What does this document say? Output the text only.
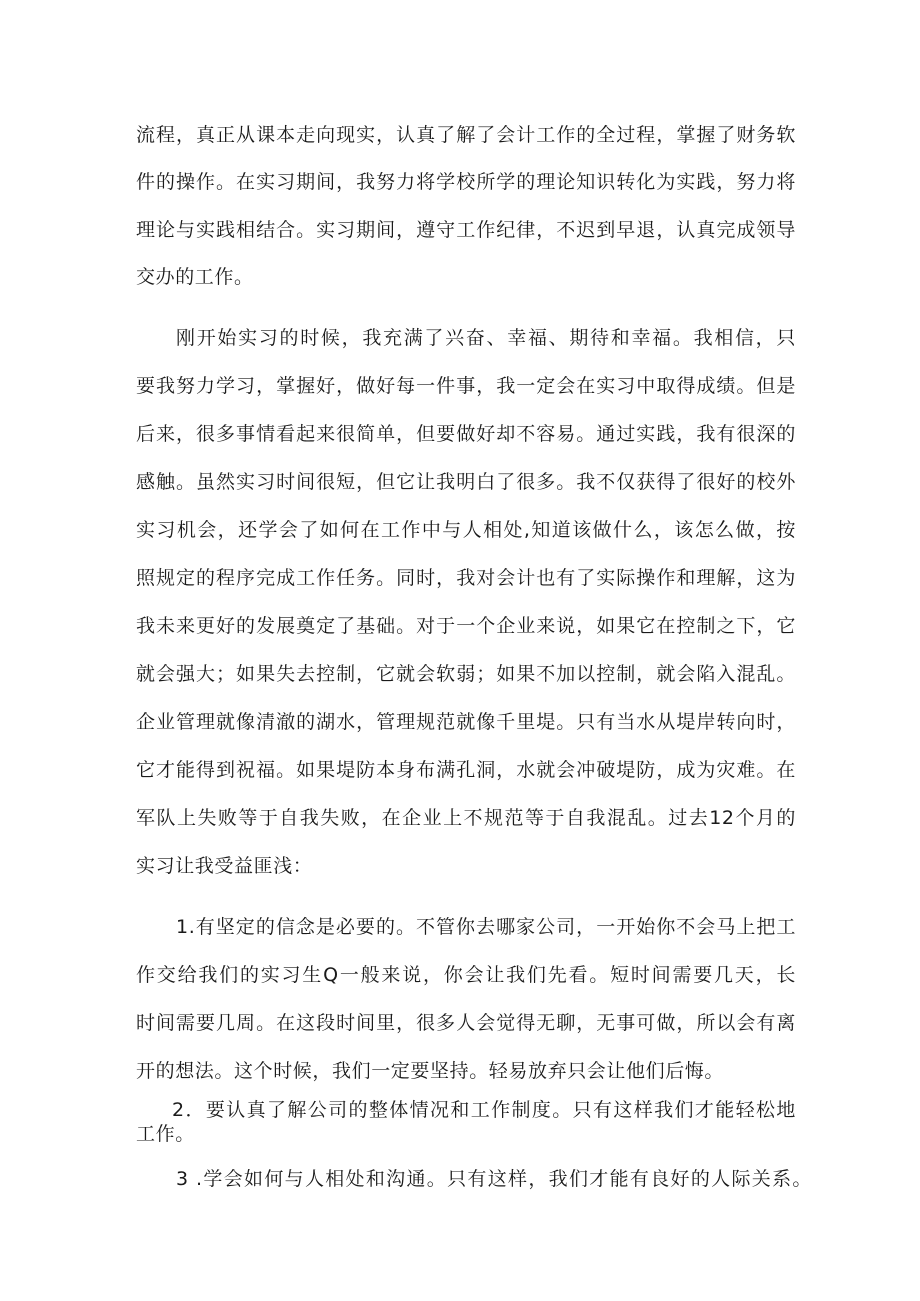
流程，真正从课本走向现实，认真了解了会计工作的全过程，掌握了财务软
件的操作。在实习期间，我努力将学校所学的理论知识转化为实践，努力将
理论与实践相结合。实习期间，遵守工作纪律，不迟到早退，认真完成领导
交办的工作。
刚开始实习的时候，我充满了兴奋、幸福、期待和幸福。我相信，只
要我努力学习，掌握好，做好每一件事，我一定会在实习中取得成绩。但是
后来，很多事情看起来很简单，但要做好却不容易。通过实践，我有很深的
感触。虽然实习时间很短，但它让我明白了很多。我不仅获得了很好的校外
实习机会，还学会了如何在工作中与人相处,知道该做什么，该怎么做，按
照规定的程序完成工作任务。同时，我对会计也有了实际操作和理解，这为
我未来更好的发展奠定了基础。对于一个企业来说，如果它在控制之下，它
就会强大；如果失去控制，它就会软弱；如果不加以控制，就会陷入混乱。
企业管理就像清澈的湖水，管理规范就像千里堤。只有当水从堤岸转向时，
它才能得到祝福。如果堤防本身布满孔洞，水就会冲破堤防，成为灾难。在
军队上失败等于自我失败，在企业上不规范等于自我混乱。过去12个月的
实习让我受益匪浅：
1.有坚定的信念是必要的。不管你去哪家公司，一开始你不会马上把工
作交给我们的实习生Q一般来说，你会让我们先看。短时间需要几天，长
时间需要几周。在这段时间里，很多人会觉得无聊，无事可做，所以会有离
开的想法。这个时候，我们一定要坚持。轻易放弃只会让他们后悔。
2．要认真了解公司的整体情况和工作制度。只有这样我们才能轻松地
工作。
3 .学会如何与人相处和沟通。只有这样，我们才能有良好的人际关系。
